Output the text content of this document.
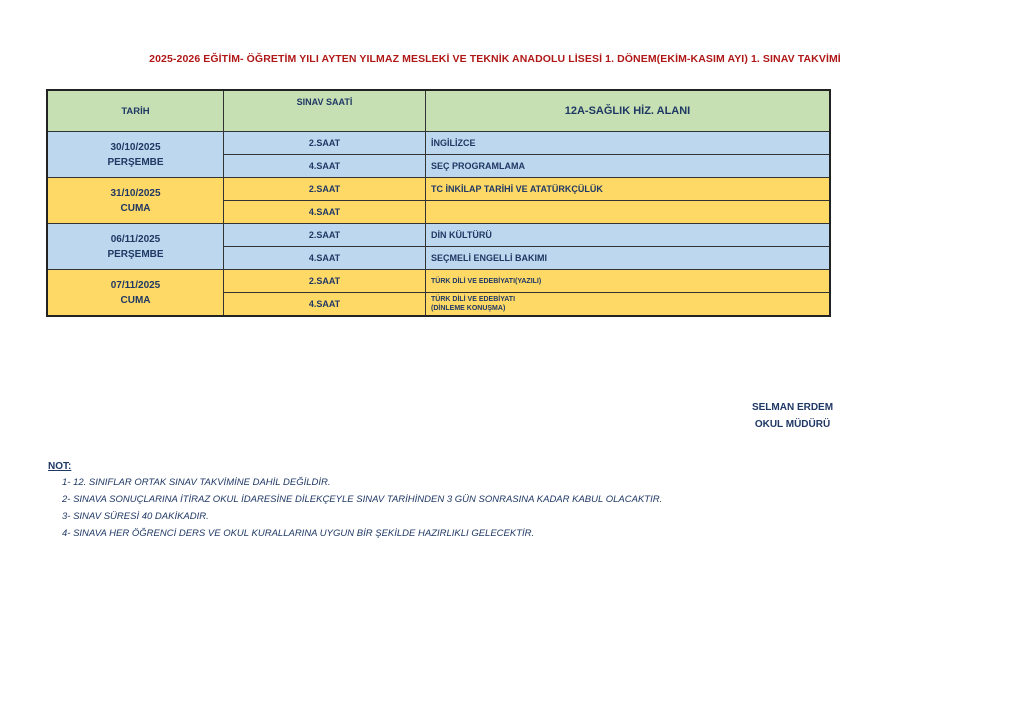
2025-2026 EĞİTİM- ÖĞRETİM YILI AYTEN YILMAZ MESLEKİ VE TEKNİK ANADOLU LİSESİ 1. DÖNEM(EKİM-KASIM AYI) 1. SINAV TAKVİMİ
TARİH	SINAV SAATİ	12A-SAĞLIK HİZ. ALANI

30/10/2025
PERŞEMBE	2.SAAT	İNGİLİZCE
	4.SAAT	SEÇ PROGRAMLAMA

31/10/2025
CUMA	2.SAAT	TC İNKİLAP TARİHİ VE ATATÜRKÇÜLÜK
	4.SAAT	

06/11/2025
PERŞEMBE	2.SAAT	DİN KÜLTÜRÜ
	4.SAAT	SEÇMELİ ENGELLİ BAKIMI

07/11/2025
CUMA	2.SAAT	TÜRK DİLİ VE EDEBİYATI(YAZILI)
	4.SAAT	TÜRK DİLİ VE EDEBİYATI
(DİNLEME KONUŞMA)
SELMAN ERDEM
OKUL MÜDÜRÜ
NOT:
1- 12. SINIFLAR ORTAK SINAV TAKVİMİNE DAHİL DEĞİLDİR.
2- SINAVA SONUÇLARINA İTİRAZ OKUL İDARESİNE DİLEKÇEYLE SINAV TARİHİNDEN 3 GÜN SONRASINA KADAR KABUL OLACAKTIR.
3- SINAV SÜRESİ 40 DAKİKADIR.
4- SINAVA HER ÖĞRENCİ DERS VE OKUL KURALLARINA UYGUN BİR ŞEKİLDE HAZIRLIKLI GELECEKTİR.
